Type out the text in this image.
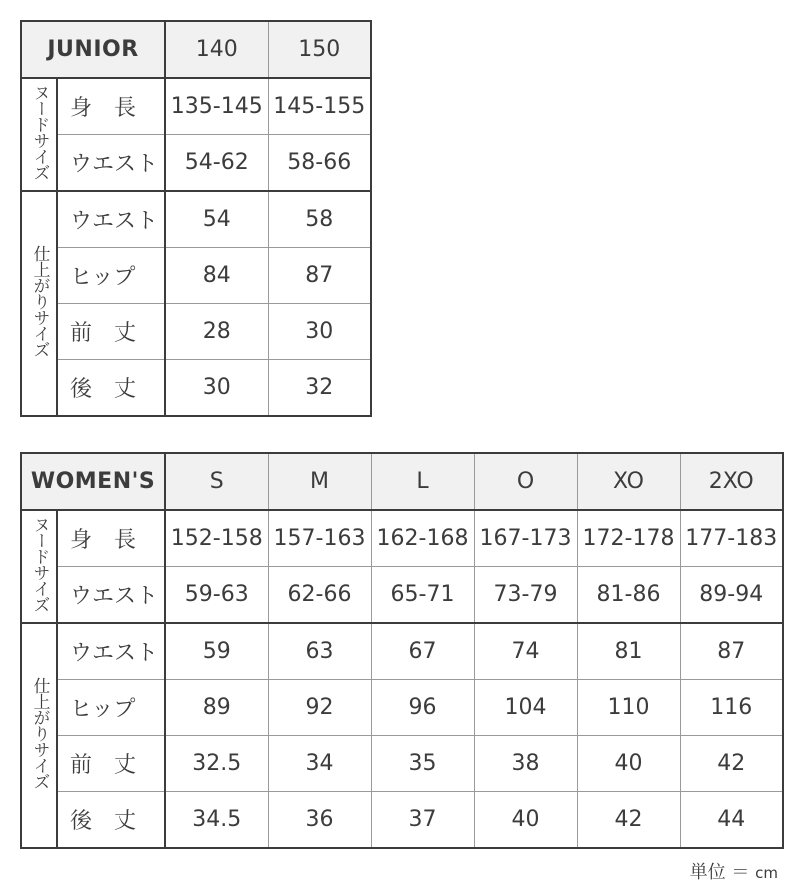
JUNIOR		140	150
ヌードサイズ	身　長	135-145	145-155
	ウエスト	54-62	58-66
仕上がりサイズ	ウエスト	54	58
	ヒップ	84	87
	前　丈	28	30
	後　丈	30	32
WOMEN'S		S	M	L	O	XO	2XO
ヌードサイズ	身　長	152-158	157-163	162-168	167-173	172-178	177-183
	ウエスト	59-63	62-66	65-71	73-79	81-86	89-94
仕上がりサイズ	ウエスト	59	63	67	74	81	87
	ヒップ	89	92	96	104	110	116
	前　丈	32.5	34	35	38	40	42
	後　丈	34.5	36	37	40	42	44
単位 ＝ cm
